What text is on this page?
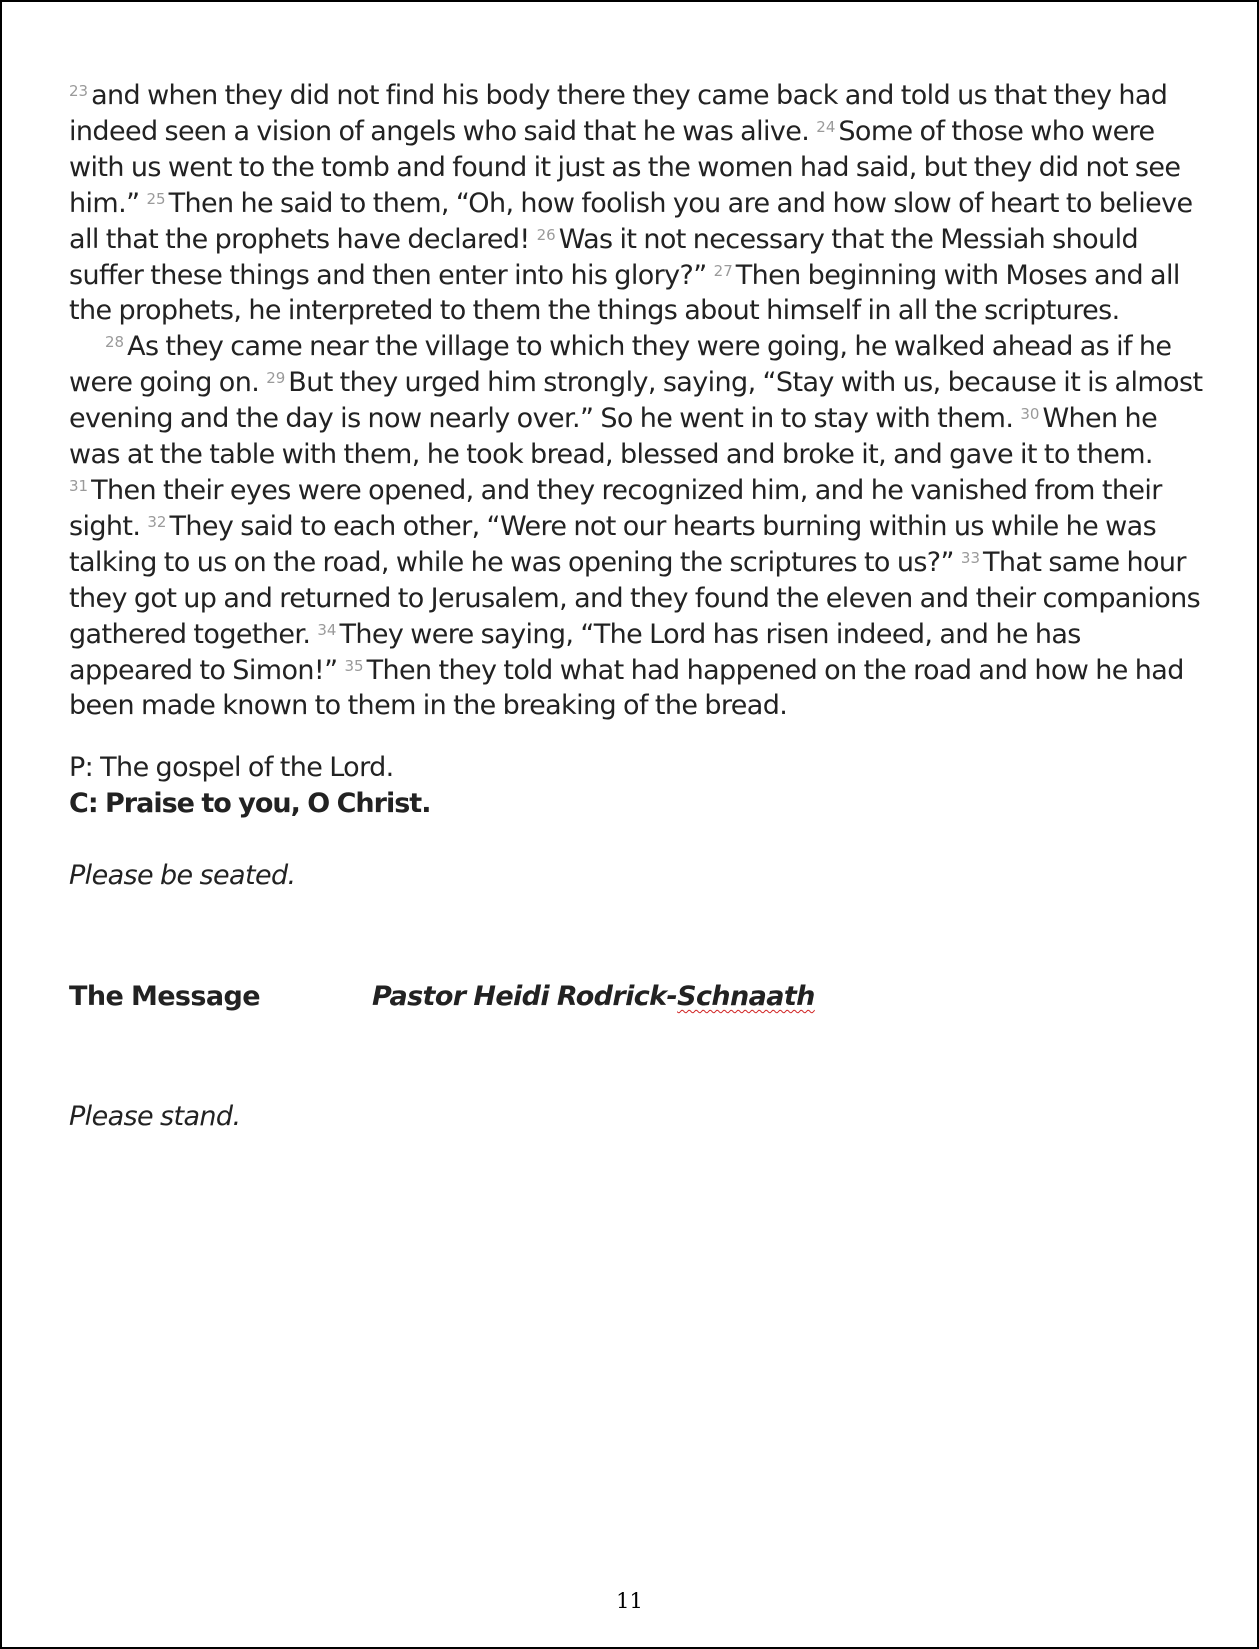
$^{23}$ and when they did not find his body there they came back and told us that they had indeed seen a vision of angels who said that he was alive. $^{24}$ Some of those who were with us went to the tomb and found it just as the women had said, but they did not see him.” $^{25}$ Then he said to them, “Oh, how foolish you are and how slow of heart to believe all that the prophets have declared! $^{26}$ Was it not necessary that the Messiah should suffer these things and then enter into his glory?” $^{27}$ Then beginning with Moses and all the prophets, he interpreted to them the things about himself in all the scriptures.

$^{28}$ As they came near the village to which they were going, he walked ahead as if he were going on. $^{29}$ But they urged him strongly, saying, “Stay with us, because it is almost evening and the day is now nearly over.” So he went in to stay with them. $^{30}$ When he was at the table with them, he took bread, blessed and broke it, and gave it to them. $^{31}$ Then their eyes were opened, and they recognized him, and he vanished from their sight. $^{32}$ They said to each other, “Were not our hearts burning within us while he was talking to us on the road, while he was opening the scriptures to us?” $^{33}$ That same hour they got up and returned to Jerusalem, and they found the eleven and their companions gathered together. $^{34}$ They were saying, “The Lord has risen indeed, and he has appeared to Simon!” $^{35}$ Then they told what had happened on the road and how he had been made known to them in the breaking of the bread.

P: The gospel of the Lord.

C: Praise to you, O Christ.

Please be seated.

The Message	Pastor Heidi Rodrick-Schnaath

Please stand.

11
